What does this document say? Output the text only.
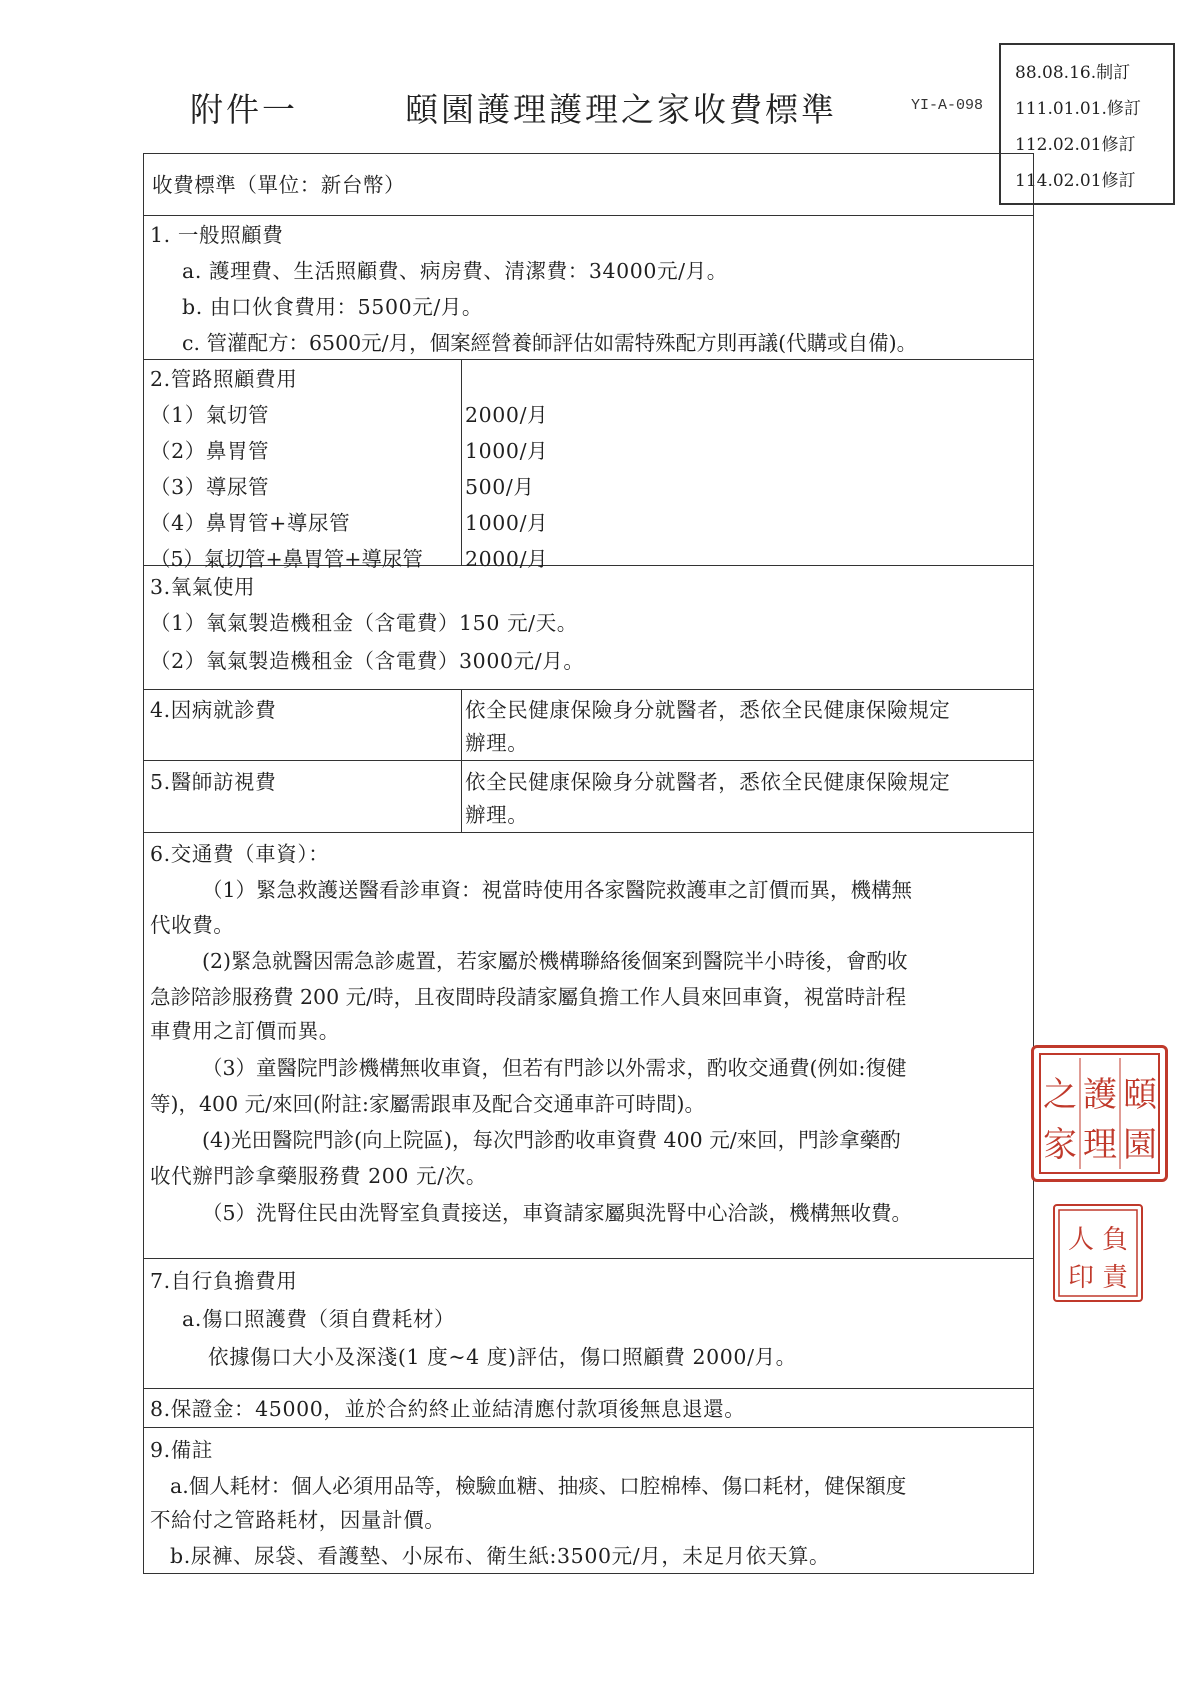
附件一	頤園護理護理之家收費標準	YI-A-098
88.08.16.制訂
111.01.01.修訂
112.02.01修訂
114.02.01修訂
收費標準（單位：新台幣）
1. 一般照顧費
a. 護理費、生活照顧費、病房費、清潔費：34000元/月。
b. 由口伙食費用：5500元/月。
c. 管灌配方：6500元/月，個案經營養師評估如需特殊配方則再議(代購或自備)。
2.管路照顧費用
（1）氣切管	2000/月
（2）鼻胃管	1000/月
（3）導尿管	500/月
（4）鼻胃管+導尿管	1000/月
（5）氣切管+鼻胃管+導尿管 2000/月
3.氧氣使用
（1）氧氣製造機租金（含電費）150 元/天。
（2）氧氣製造機租金（含電費）3000元/月。
4.因病就診費	依全民健康保險身分就醫者，悉依全民健康保險規定
辦理。
5.醫師訪視費	依全民健康保險身分就醫者，悉依全民健康保險規定
辦理。
6.交通費（車資）：
（1）緊急救護送醫看診車資：視當時使用各家醫院救護車之訂價而異，機構無
代收費。
(2)緊急就醫因需急診處置，若家屬於機構聯絡後個案到醫院半小時後，會酌收
急診陪診服務費 200 元/時，且夜間時段請家屬負擔工作人員來回車資，視當時計程
車費用之訂價而異。
（3）童醫院門診機構無收車資，但若有門診以外需求，酌收交通費(例如:復健
等)，400 元/來回(附註:家屬需跟車及配合交通車許可時間)。
(4)光田醫院門診(向上院區)，每次門診酌收車資費 400 元/來回，門診拿藥酌
收代辦門診拿藥服務費 200 元/次。
（5）洗腎住民由洗腎室負責接送，車資請家屬與洗腎中心洽談，機構無收費。
7.自行負擔費用
a.傷口照護費（須自費耗材）
依據傷口大小及深淺(1 度~4 度)評估，傷口照顧費 2000/月。
8.保證金：45000，並於合約終止並結清應付款項後無息退還。
9.備註
a.個人耗材：個人必須用品等，檢驗血糖、抽痰、口腔棉棒、傷口耗材，健保額度
不給付之管路耗材，因量計價。
b.尿褲、尿袋、看護墊、小尿布、衛生紙:3500元/月，未足月依天算。
頤
園
護
理
之
家
負
責
人
印
